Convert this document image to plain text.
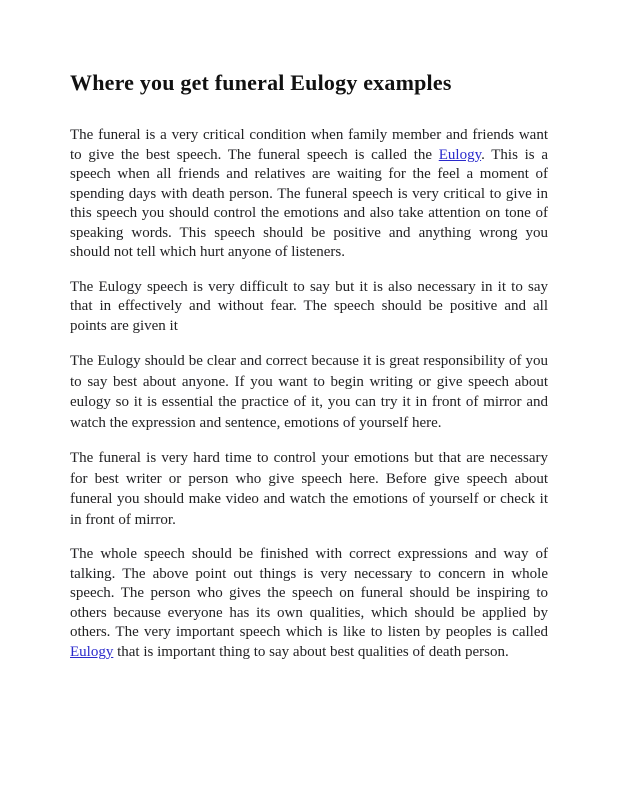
Where you get funeral Eulogy examples

The funeral is a very critical condition when family member and friends want to give the best speech. The funeral speech is called the Eulogy. This is a speech when all friends and relatives are waiting for the feel a moment of spending days with death person. The funeral speech is very critical to give in this speech you should control the emotions and also take attention on tone of speaking words. This speech should be positive and anything wrong you should not tell which hurt anyone of listeners.

The Eulogy speech is very difficult to say but it is also necessary in it to say that in effectively and without fear. The speech should be positive and all points are given it

The Eulogy should be clear and correct because it is great responsibility of you to say best about anyone. If you want to begin writing or give speech about eulogy so it is essential the practice of it, you can try it in front of mirror and watch the expression and sentence, emotions of yourself here.

The funeral is very hard time to control your emotions but that are necessary for best writer or person who give speech here. Before give speech about funeral you should make video and watch the emotions of yourself or check it in front of mirror.

The whole speech should be finished with correct expressions and way of talking. The above point out things is very necessary to concern in whole speech. The person who gives the speech on funeral should be inspiring to others because everyone has its own qualities, which should be applied by others. The very important speech which is like to listen by peoples is called Eulogy that is important thing to say about best qualities of death person.
